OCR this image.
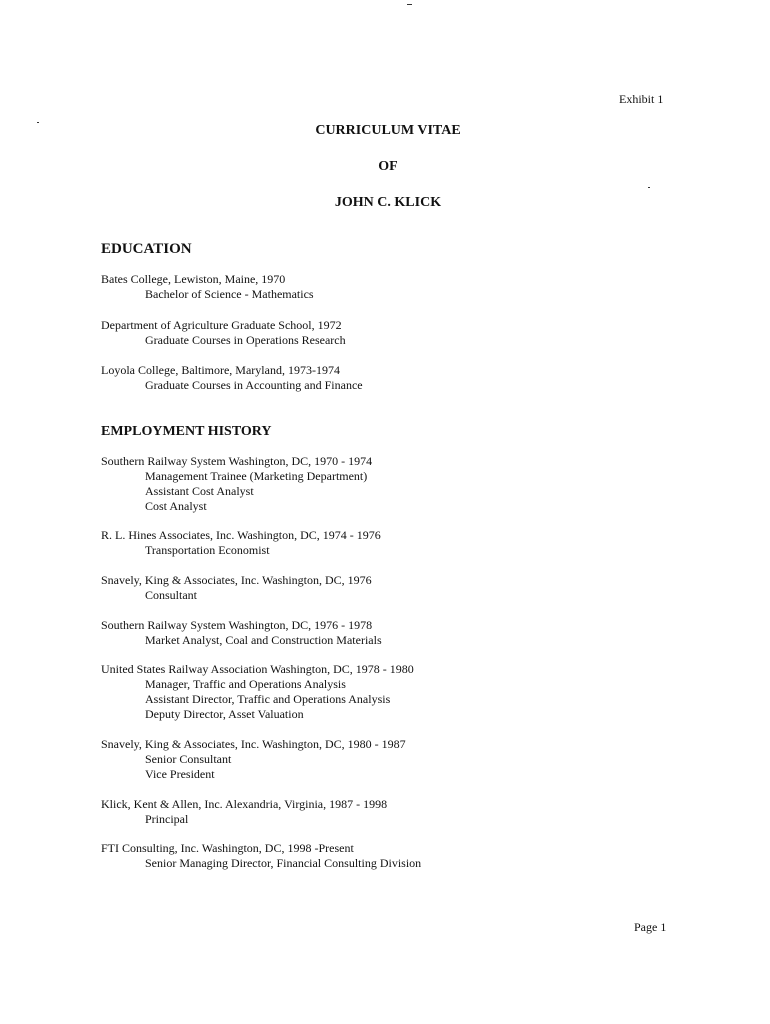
Exhibit 1
CURRICULUM VITAE
OF
JOHN C. KLICK
EDUCATION
Bates College, Lewiston, Maine, 1970
Bachelor of Science - Mathematics
Department of Agriculture Graduate School, 1972
Graduate Courses in Operations Research
Loyola College, Baltimore, Maryland, 1973-1974
Graduate Courses in Accounting and Finance
EMPLOYMENT HISTORY
Southern Railway System Washington, DC, 1970 - 1974
Management Trainee (Marketing Department)
Assistant Cost Analyst
Cost Analyst
R. L. Hines Associates, Inc. Washington, DC, 1974 - 1976
Transportation Economist
Snavely, King & Associates, Inc. Washington, DC, 1976
Consultant
Southern Railway System Washington, DC, 1976 - 1978
Market Analyst, Coal and Construction Materials
United States Railway Association Washington, DC, 1978 - 1980
Manager, Traffic and Operations Analysis
Assistant Director, Traffic and Operations Analysis
Deputy Director, Asset Valuation
Snavely, King & Associates, Inc. Washington, DC, 1980 - 1987
Senior Consultant
Vice President
Klick, Kent & Allen, Inc. Alexandria, Virginia, 1987 - 1998
Principal
FTI Consulting, Inc. Washington, DC, 1998 -Present
Senior Managing Director, Financial Consulting Division
Page 1
